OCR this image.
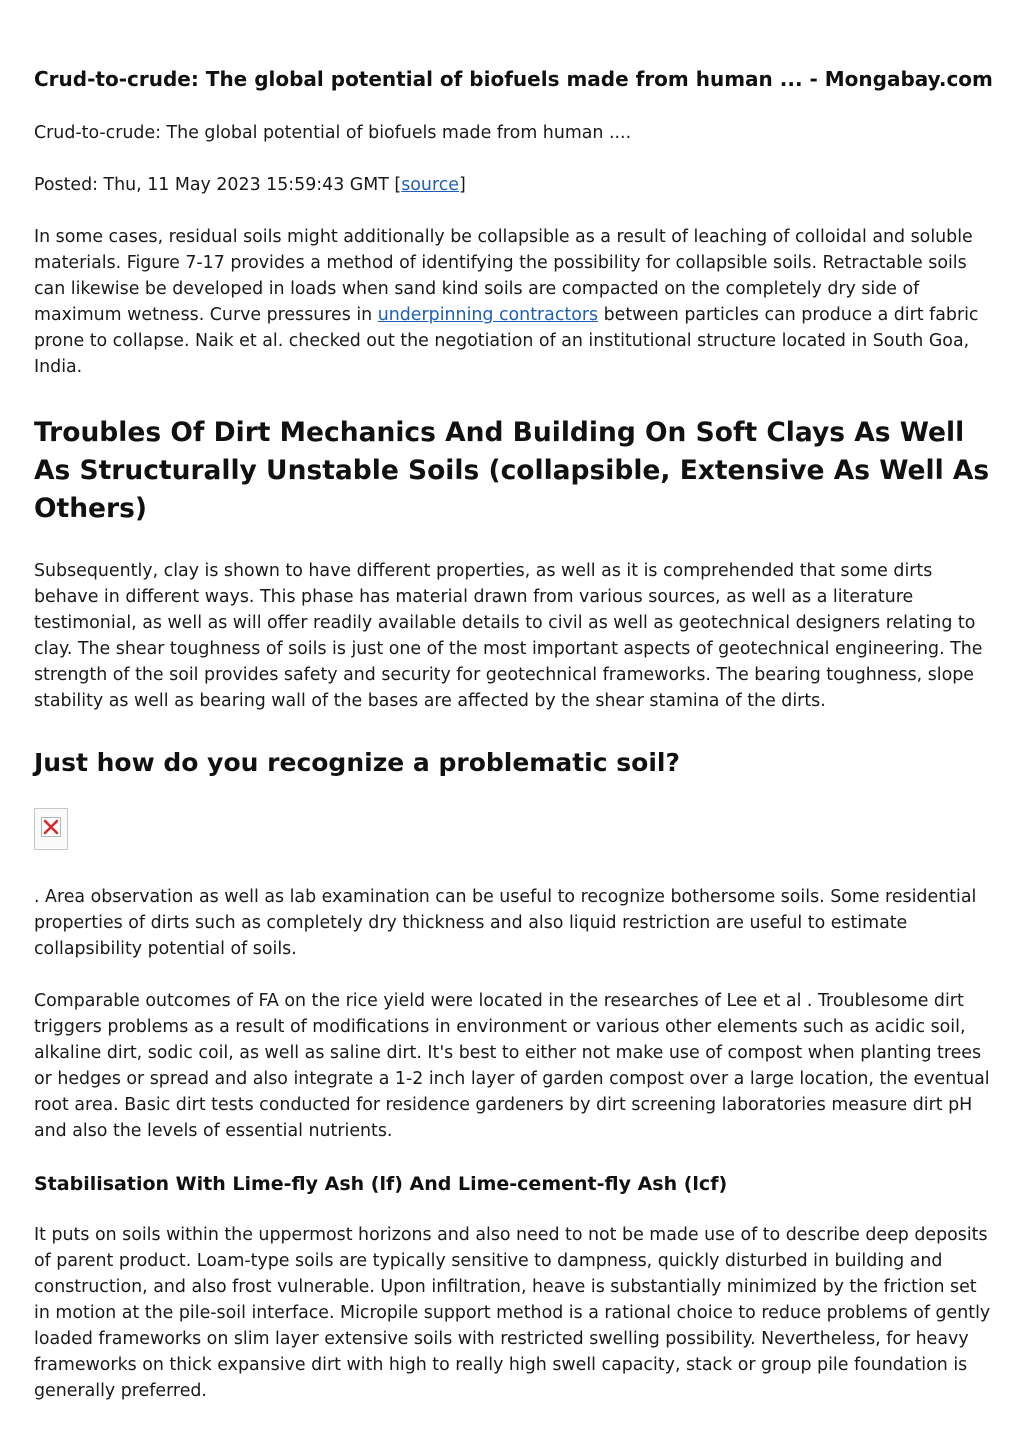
Crud-to-crude: The global potential of biofuels made from human ... - Mongabay.com

Crud-to-crude: The global potential of biofuels made from human ....

Posted: Thu, 11 May 2023 15:59:43 GMT [source]

In some cases, residual soils might additionally be collapsible as a result of leaching of colloidal and soluble materials. Figure 7-17 provides a method of identifying the possibility for collapsible soils. Retractable soils can likewise be developed in loads when sand kind soils are compacted on the completely dry side of maximum wetness. Curve pressures in underpinning contractors between particles can produce a dirt fabric prone to collapse. Naik et al. checked out the negotiation of an institutional structure located in South Goa, India.

Troubles Of Dirt Mechanics And Building On Soft Clays As Well As Structurally Unstable Soils (collapsible, Extensive As Well As Others)

Subsequently, clay is shown to have different properties, as well as it is comprehended that some dirts behave in different ways. This phase has material drawn from various sources, as well as a literature testimonial, as well as will offer readily available details to civil as well as geotechnical designers relating to clay. The shear toughness of soils is just one of the most important aspects of geotechnical engineering. The strength of the soil provides safety and security for geotechnical frameworks. The bearing toughness, slope stability as well as bearing wall of the bases are affected by the shear stamina of the dirts.

Just how do you recognize a problematic soil?

. Area observation as well as lab examination can be useful to recognize bothersome soils. Some residential properties of dirts such as completely dry thickness and also liquid restriction are useful to estimate collapsibility potential of soils.

Comparable outcomes of FA on the rice yield were located in the researches of Lee et al . Troublesome dirt triggers problems as a result of modifications in environment or various other elements such as acidic soil, alkaline dirt, sodic coil, as well as saline dirt. It's best to either not make use of compost when planting trees or hedges or spread and also integrate a 1-2 inch layer of garden compost over a large location, the eventual root area. Basic dirt tests conducted for residence gardeners by dirt screening laboratories measure dirt pH and also the levels of essential nutrients.

Stabilisation With Lime-fly Ash (lf) And Lime-cement-fly Ash (lcf)

It puts on soils within the uppermost horizons and also need to not be made use of to describe deep deposits of parent product. Loam-type soils are typically sensitive to dampness, quickly disturbed in building and construction, and also frost vulnerable. Upon infiltration, heave is substantially minimized by the friction set in motion at the pile-soil interface. Micropile support method is a rational choice to reduce problems of gently loaded frameworks on slim layer extensive soils with restricted swelling possibility. Nevertheless, for heavy frameworks on thick expansive dirt with high to really high swell capacity, stack or group pile foundation is generally preferred.
